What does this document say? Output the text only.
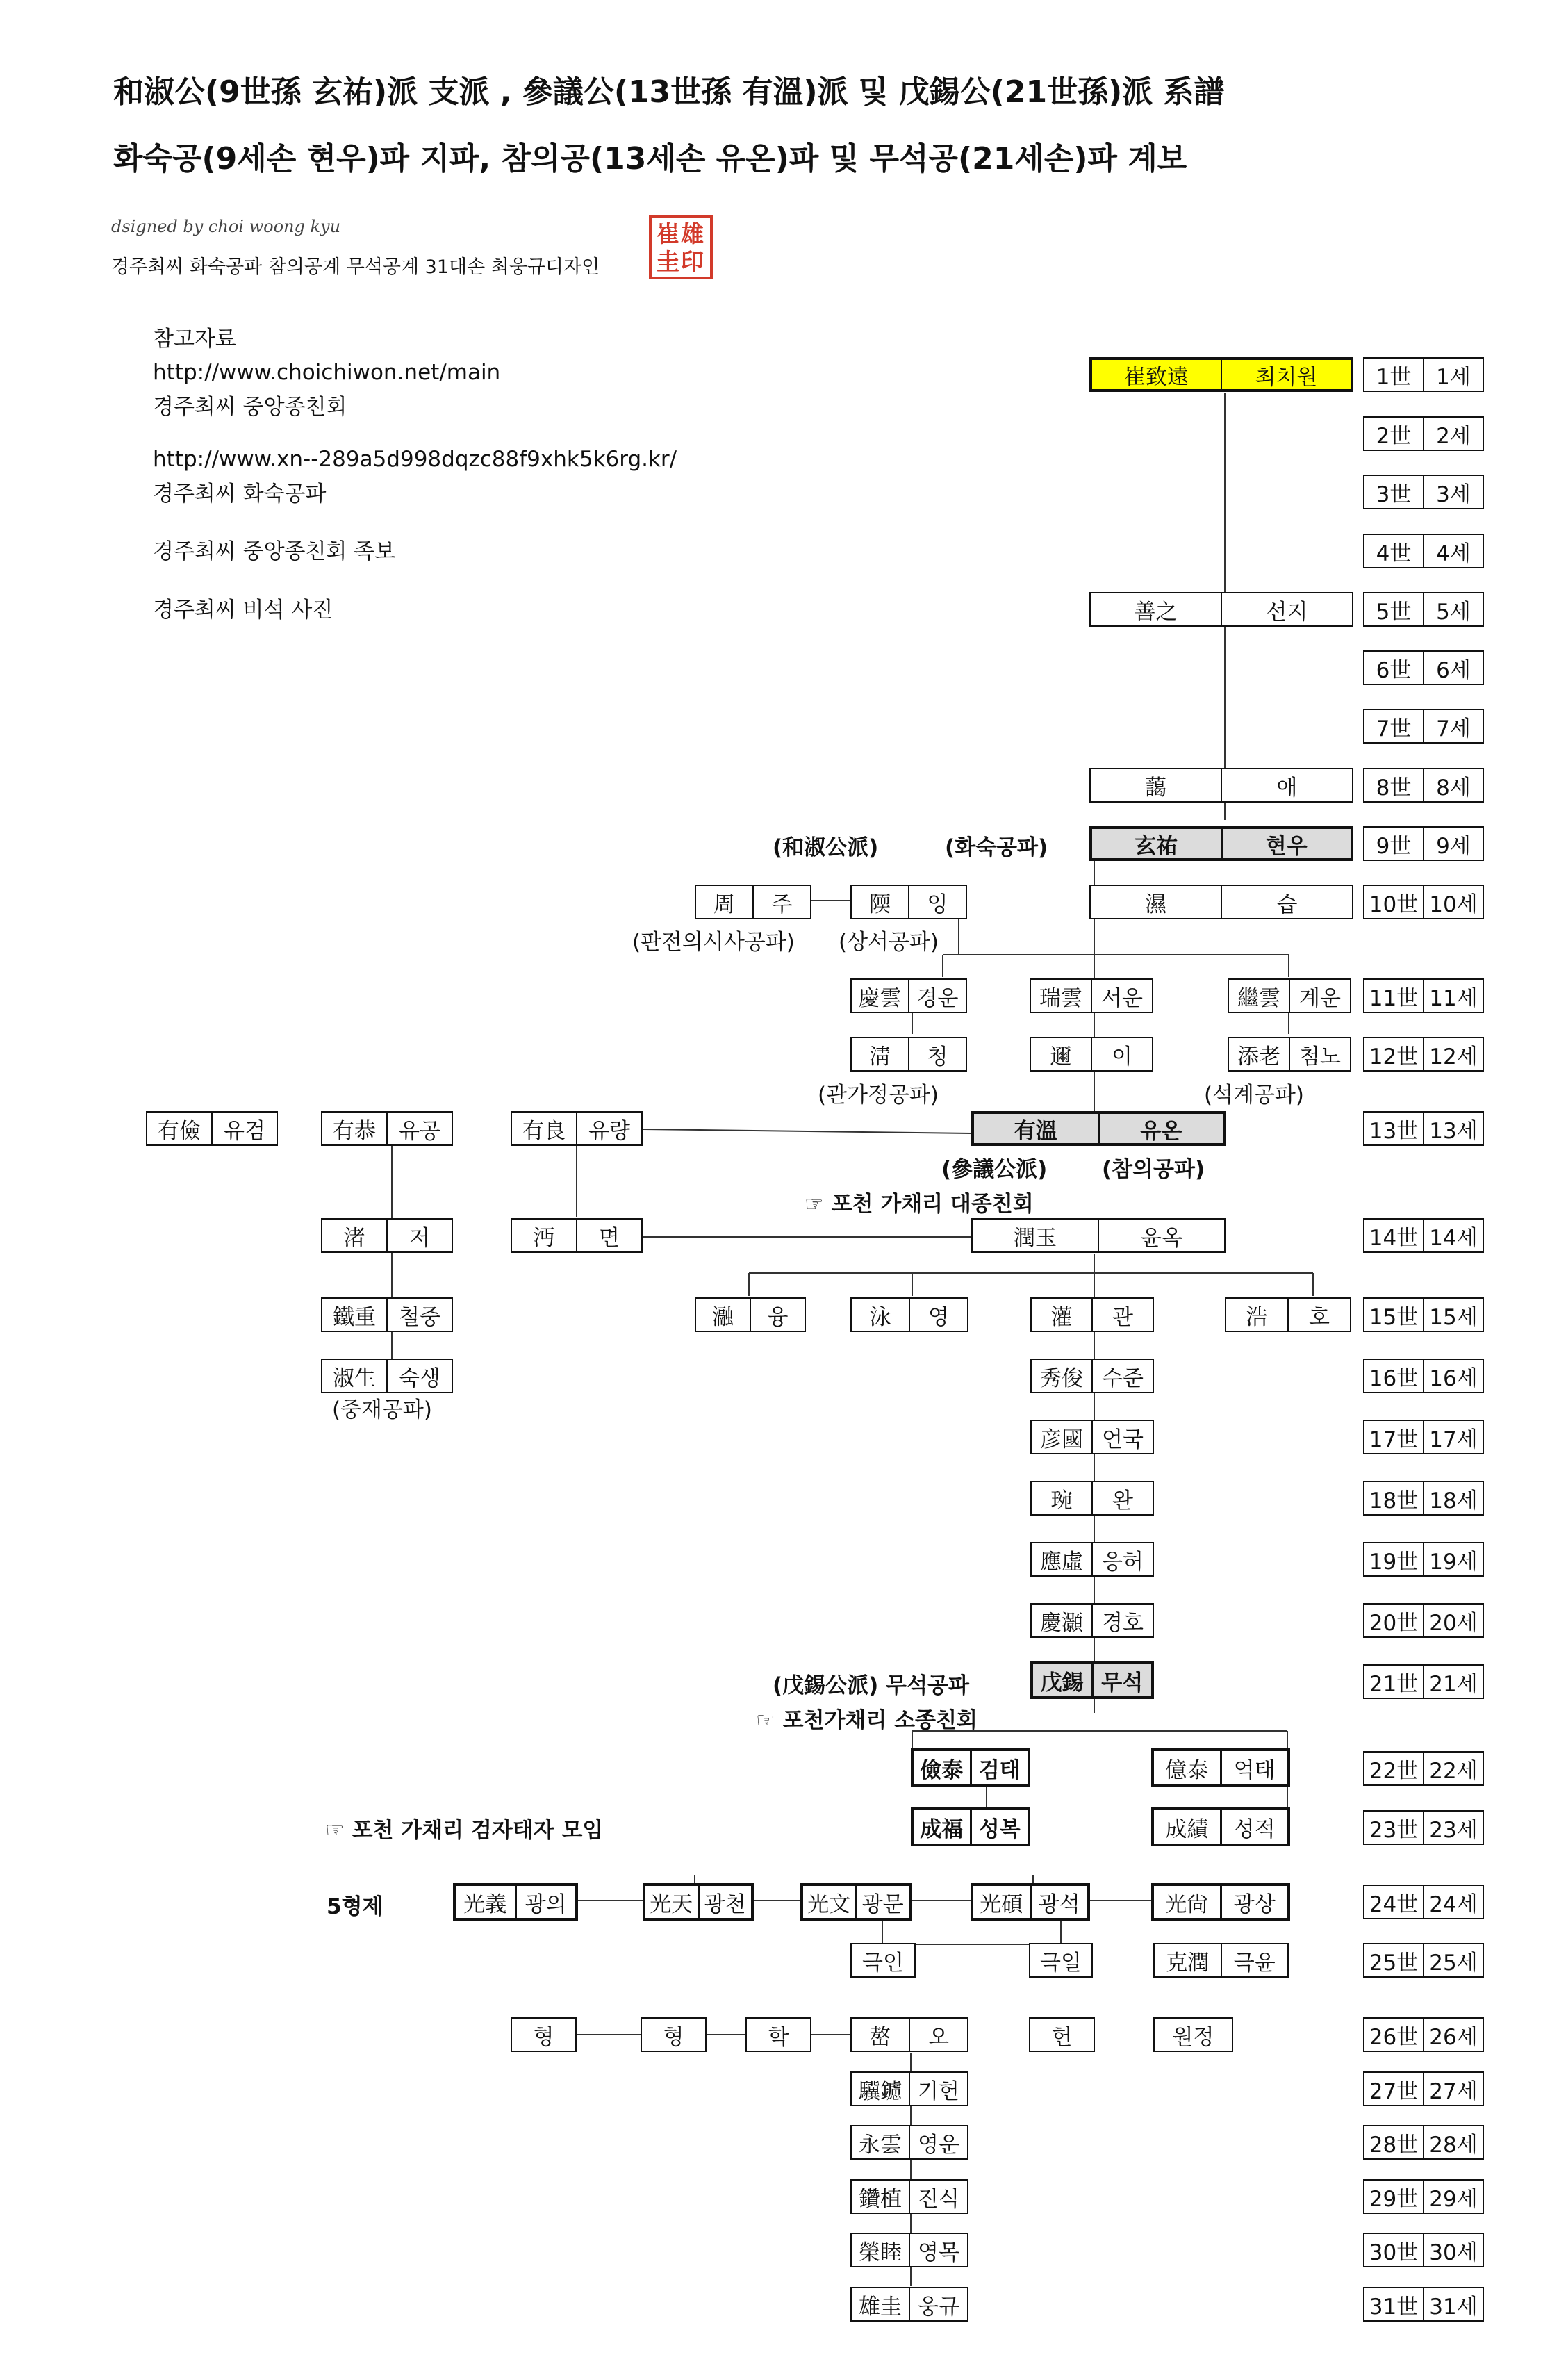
和淑公(9世孫 玄祐)派 支派 , 參議公(13世孫 有溫)派 및 戊錫公(21世孫)派 系譜
화숙공(9세손 현우)파 지파, 참의공(13세손 유온)파 및 무석공(21세손)파 계보
dsigned by choi woong kyu
경주최씨 화숙공파 참의공계 무석공계 31대손 최웅규디자인
崔雄
圭印
참고자료
http://www.choichiwon.net/main
경주최씨 중앙종친회
http://www.xn--289a5d998dqzc88f9xhk5k6rg.kr/
경주최씨 화숙공파
경주최씨 중앙종친회 족보
경주최씨 비석 사진
1世	1세
2世	2세
3世	3세
4世	4세
5世	5세
6世	6세
7世	7세
8世	8세
9世	9세
10世 10세
11世 11세
12世 12세
13世 13세
14世 14세
15世 15세
16世 16세
17世 17세
18世 18세
19世 19세
20世 20세
21世 21세
22世 22세
23世 23세
24世 24세
25世 25세
26世 26세
27世 27세
28世 28세
29世 29세
30世 30세
31世 31세
崔致遠	최치원
善之	선지
藹	애
玄祐	현우
周	주	陾	잉	濕	습
慶雲 경운	瑞雲 서운	繼雲 계운
淸	청	邇	이	添老 첨노
有儉	유검	有恭	유공	有良	유량	有溫	유온
渚	저	沔	면	潤玉	윤옥
鐵重	철중	瀜	융	泳	영	灌	관	浩	호
淑生	숙생	秀俊 수준
彦國 언국
琬	완
應虛 응허
慶灝 경호
戊錫 무석
儉泰 검태	億泰	억태
成福 성복	成績	성적
光義 광의	光天 광천	光文 광문	光碩 광석	光尙	광상
극인	극일	克潤	극윤
형	형	학	嶅	오	헌	원정
驥鑢 기헌
永雲 영운
鑽植 진식
榮睦 영목
雄圭 웅규
(和淑公派)	(화숙공파)
(판전의시사공파) (상서공파)
(관가정공파)	(석계공파)
(參議公派)	(참의공파)
☞ 포천 가채리 대종친회
(중재공파)
(戊錫公派) 무석공파
☞ 포천가채리 소종친회
☞ 포천 가채리 검자태자 모임
5형제
